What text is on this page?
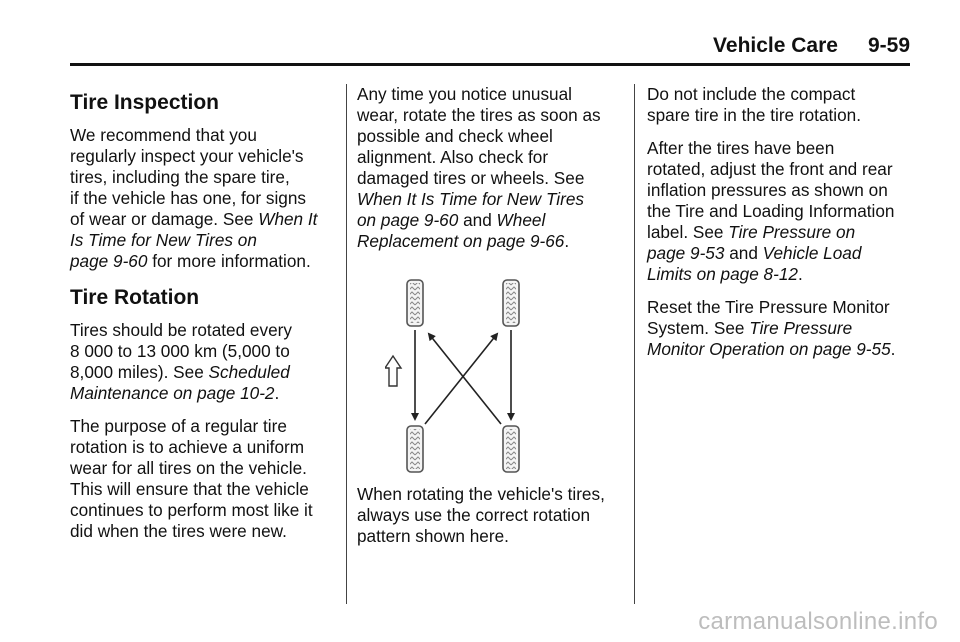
Vehicle Care 9-59
Tire Inspection

We recommend that you
regularly inspect your vehicle's
tires, including the spare tire,
if the vehicle has one, for signs
of wear or damage. See When It
Is Time for New Tires on
page 9-60 for more information.

Tire Rotation

Tires should be rotated every
8 000 to 13 000 km (5,000 to
8,000 miles). See Scheduled
Maintenance on page 10-2.

The purpose of a regular tire
rotation is to achieve a uniform
wear for all tires on the vehicle.
This will ensure that the vehicle
continues to perform most like it
did when the tires were new.

Any time you notice unusual
wear, rotate the tires as soon as
possible and check wheel
alignment. Also check for
damaged tires or wheels. See
When It Is Time for New Tires
on page 9-60 and Wheel
Replacement on page 9-66.

When rotating the vehicle's tires,
always use the correct rotation
pattern shown here.

Do not include the compact
spare tire in the tire rotation.

After the tires have been
rotated, adjust the front and rear
inflation pressures as shown on
the Tire and Loading Information
label. See Tire Pressure on
page 9-53 and Vehicle Load
Limits on page 8-12.

Reset the Tire Pressure Monitor
System. See Tire Pressure
Monitor Operation on page 9-55.

carmanualsonline.info
